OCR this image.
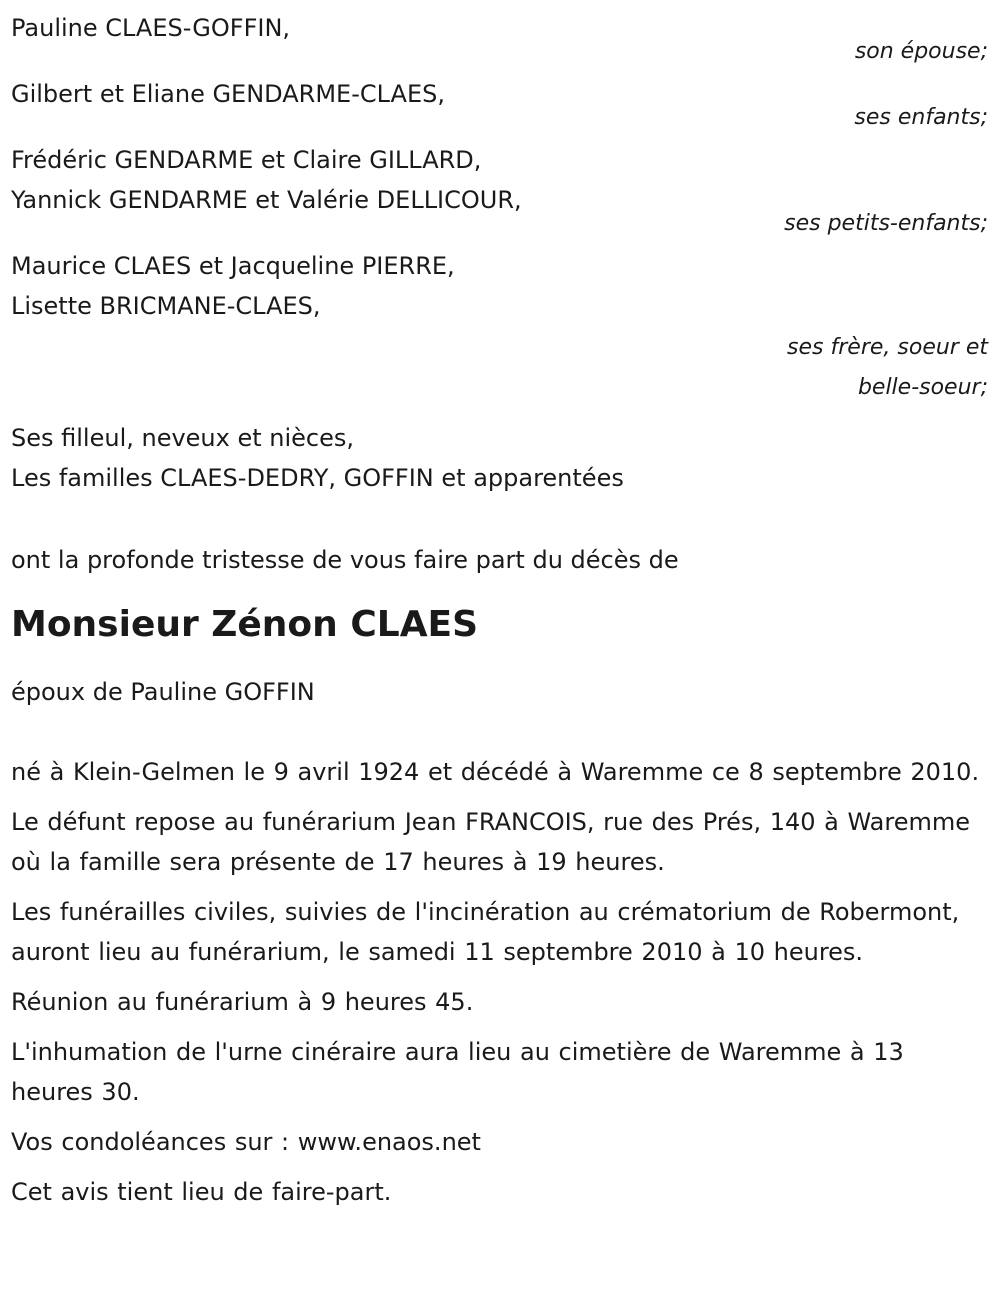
Pauline CLAES-GOFFIN,
son épouse;
Gilbert et Eliane GENDARME-CLAES,
ses enfants;
Frédéric GENDARME et Claire GILLARD,
Yannick GENDARME et Valérie DELLICOUR,
ses petits-enfants;
Maurice CLAES et Jacqueline PIERRE,
Lisette BRICMANE-CLAES,
ses frère, soeur et
belle-soeur;
Ses filleul, neveux et nièces,
Les familles CLAES-DEDRY, GOFFIN et apparentées
ont la profonde tristesse de vous faire part du décès de
Monsieur Zénon CLAES
époux de Pauline GOFFIN
né à Klein-Gelmen le 9 avril 1924 et décédé à Waremme ce 8 septembre 2010.
Le défunt repose au funérarium Jean FRANCOIS, rue des Prés, 140 à Waremme où la famille sera présente de 17 heures à 19 heures.
Les funérailles civiles, suivies de l'incinération au crématorium de Robermont, auront lieu au funérarium, le samedi 11 septembre 2010 à 10 heures.
Réunion au funérarium à 9 heures 45.
L'inhumation de l'urne cinéraire aura lieu au cimetière de Waremme à 13 heures 30.
Vos condoléances sur : www.enaos.net
Cet avis tient lieu de faire-part.
